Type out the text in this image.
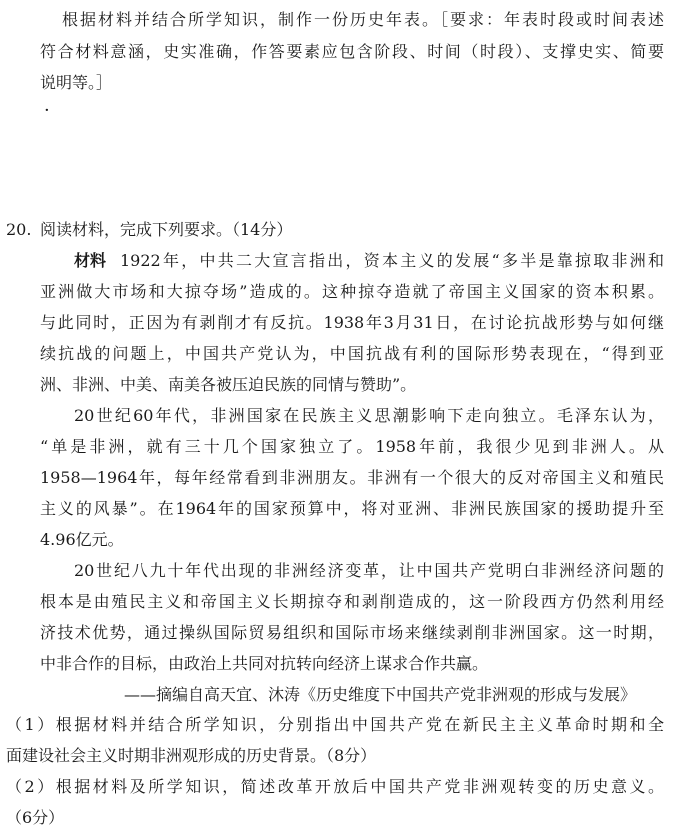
根据材料并结合所学知识，制作一份历史年表。［要求：年表时段或时间表述
符合材料意涵，史实准确，作答要素应包含阶段、时间（时段）、支撑史实、简要
说明等。］
·
20. 阅读材料，完成下列要求。（14分）
材料 1922年，中共二大宣言指出，资本主义的发展“多半是靠掠取非洲和
亚洲做大市场和大掠夺场”造成的。这种掠夺造就了帝国主义国家的资本积累。
与此同时，正因为有剥削才有反抗。1938年3月31日，在讨论抗战形势与如何继
续抗战的问题上，中国共产党认为，中国抗战有利的国际形势表现在，“得到亚
洲、非洲、中美、南美各被压迫民族的同情与赞助”。
20世纪60年代，非洲国家在民族主义思潮影响下走向独立。毛泽东认为，
“单是非洲，就有三十几个国家独立了。1958年前，我很少见到非洲人。从
1958—1964年，每年经常看到非洲朋友。非洲有一个很大的反对帝国主义和殖民
主义的风暴”。在1964年的国家预算中，将对亚洲、非洲民族国家的援助提升至
4.96亿元。
20世纪八九十年代出现的非洲经济变革，让中国共产党明白非洲经济问题的
根本是由殖民主义和帝国主义长期掠夺和剥削造成的，这一阶段西方仍然利用经
济技术优势，通过操纵国际贸易组织和国际市场来继续剥削非洲国家。这一时期，
中非合作的目标，由政治上共同对抗转向经济上谋求合作共赢。
——摘编自高天宜、沐涛《历史维度下中国共产党非洲观的形成与发展》
（1）根据材料并结合所学知识，分别指出中国共产党在新民主主义革命时期和全
面建设社会主义时期非洲观形成的历史背景。（8分）
（2）根据材料及所学知识，简述改革开放后中国共产党非洲观转变的历史意义。
（6分）
